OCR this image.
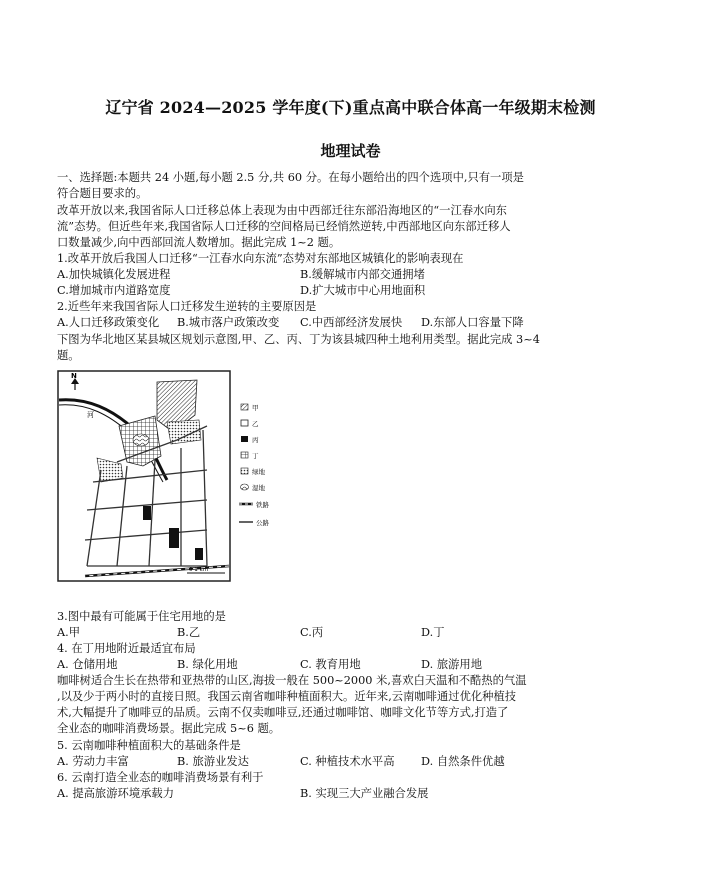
辽宁省 2024—2025 学年度(下)重点高中联合体高一年级期末检测
地理试卷
一、选择题:本题共 24 小题,每小题 2.5 分,共 60 分。在每小题给出的四个选项中,只有一项是
符合题目要求的。
改革开放以来,我国省际人口迁移总体上表现为由中西部迁往东部沿海地区的“一江春水向东
流”态势。但近些年来,我国省际人口迁移的空间格局已经悄然逆转,中西部地区向东部迁移人
口数量减少,向中西部回流人数增加。据此完成 1~2 题。
1.改革开放后我国人口迁移“一江春水向东流”态势对东部地区城镇化的影响表现在
A.加快城镇化发展进程	B.缓解城市内部交通拥堵
C.增加城市内道路宽度	D.扩大城市中心用地面积
2.近些年来我国省际人口迁移发生逆转的主要原因是
A.人口迁移政策变化 B.城市落户政策改变 C.中西部经济发展快 D.东部人口容量下降
下图为华北地区某县城区规划示意图,甲、乙、丙、丁为该县城四种土地利用类型。据此完成 3~4
题。
N
河
0 1 km
甲
乙
丙
丁
绿地
湿地
铁路
公路
3.图中最有可能属于住宅用地的是
A.甲	B.乙	C.丙	D.丁
4. 在丁用地附近最适宜布局
A. 仓储用地	B. 绿化用地	C. 教育用地	D. 旅游用地
咖啡树适合生长在热带和亚热带的山区,海拔一般在 500~2000 米,喜欢白天温和不酷热的气温
,以及少于两小时的直接日照。我国云南省咖啡种植面积大。近年来,云南咖啡通过优化种植技
术,大幅提升了咖啡豆的品质。云南不仅卖咖啡豆,还通过咖啡馆、咖啡文化节等方式,打造了
全业态的咖啡消费场景。据此完成 5~6 题。
5. 云南咖啡种植面积大的基础条件是
A. 劳动力丰富	B. 旅游业发达	C. 种植技术水平高 D. 自然条件优越
6. 云南打造全业态的咖啡消费场景有利于
A. 提高旅游环境承载力	B. 实现三大产业融合发展
